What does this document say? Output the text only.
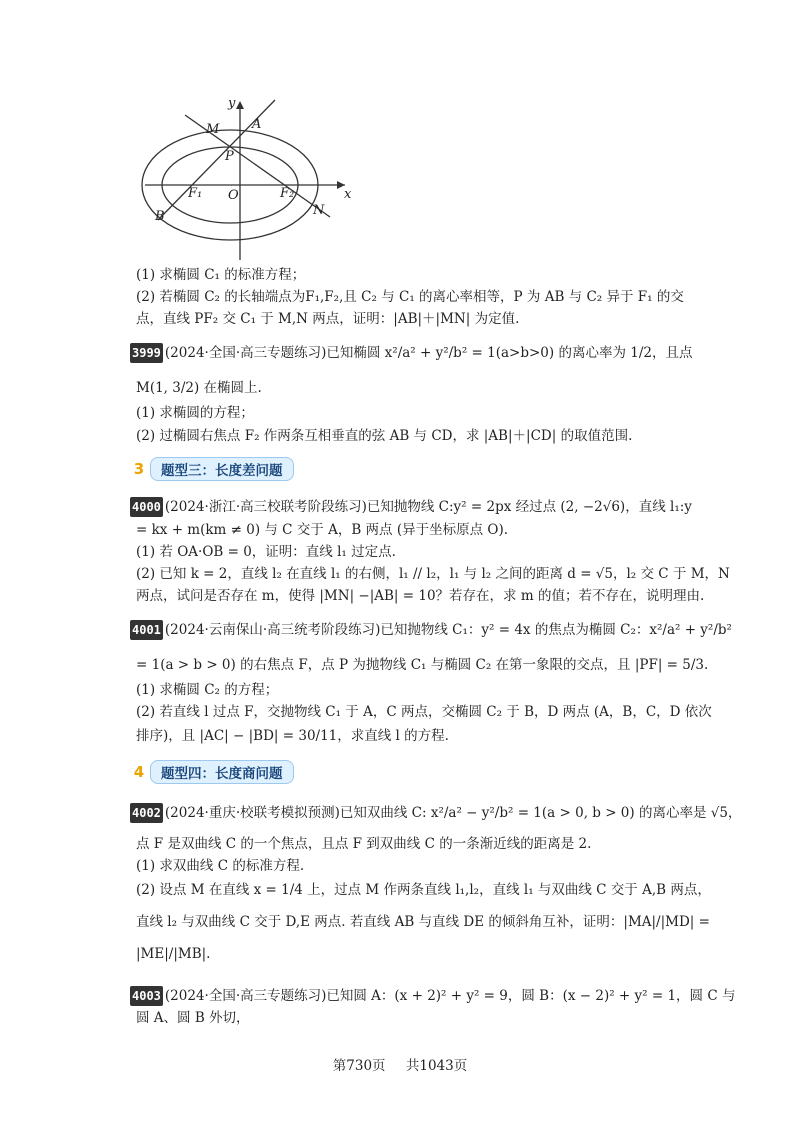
y
x
M	A
P
F₁ O	F₂
B	N
(1) 求椭圆 C₁ 的标准方程；
(2) 若椭圆 C₂ 的长轴端点为F₁,F₂,且 C₂ 与 C₁ 的离心率相等，P 为 AB 与 C₂ 异于 F₁ 的交
点，直线 PF₂ 交 C₁ 于 M,N 两点，证明：|AB|＋|MN| 为定值.
3999 (2024·全国·高三专题练习)已知椭圆 x²/a² + y²/b² = 1(a>b>0) 的离心率为 1/2，且点
M(1, 3/2) 在椭圆上.
(1) 求椭圆的方程；
(2) 过椭圆右焦点 F₂ 作两条互相垂直的弦 AB 与 CD，求 |AB|＋|CD| 的取值范围.
3	题型三：长度差问题
4000 (2024·浙江·高三校联考阶段练习)已知抛物线 C:y² = 2px 经过点 (2, −2√6)，直线 l₁:y
= kx + m(km ≠ 0) 与 C 交于 A，B 两点 (异于坐标原点 O).
(1) 若 OA·OB = 0，证明：直线 l₁ 过定点.
(2) 已知 k = 2，直线 l₂ 在直线 l₁ 的右侧，l₁ // l₂，l₁ 与 l₂ 之间的距离 d = √5，l₂ 交 C 于 M，N
两点，试问是否存在 m，使得 |MN| −|AB| = 10？若存在，求 m 的值；若不存在，说明理由.
4001 (2024·云南保山·高三统考阶段练习)已知抛物线 C₁：y² = 4x 的焦点为椭圆 C₂：x²/a² + y²/b²
= 1(a > b > 0) 的右焦点 F，点 P 为抛物线 C₁ 与椭圆 C₂ 在第一象限的交点，且 |PF| = 5/3.
(1) 求椭圆 C₂ 的方程；
(2) 若直线 l 过点 F，交抛物线 C₁ 于 A，C 两点，交椭圆 C₂ 于 B，D 两点 (A，B，C，D 依次
排序)，且 |AC| − |BD| = 30/11，求直线 l 的方程.
4	题型四：长度商问题
4002 (2024·重庆·校联考模拟预测)已知双曲线 C: x²/a² − y²/b² = 1(a > 0, b > 0) 的离心率是 √5，
点 F 是双曲线 C 的一个焦点，且点 F 到双曲线 C 的一条渐近线的距离是 2.
(1) 求双曲线 C 的标准方程.
(2) 设点 M 在直线 x = 1/4 上，过点 M 作两条直线 l₁,l₂，直线 l₁ 与双曲线 C 交于 A,B 两点，
直线 l₂ 与双曲线 C 交于 D,E 两点. 若直线 AB 与直线 DE 的倾斜角互补，证明：|MA|/|MD| =
|ME|/|MB|.
4003 (2024·全国·高三专题练习)已知圆 A：(x + 2)² + y² = 9，圆 B：(x − 2)² + y² = 1，圆 C 与
圆 A、圆 B 外切，
第730页 共1043页
